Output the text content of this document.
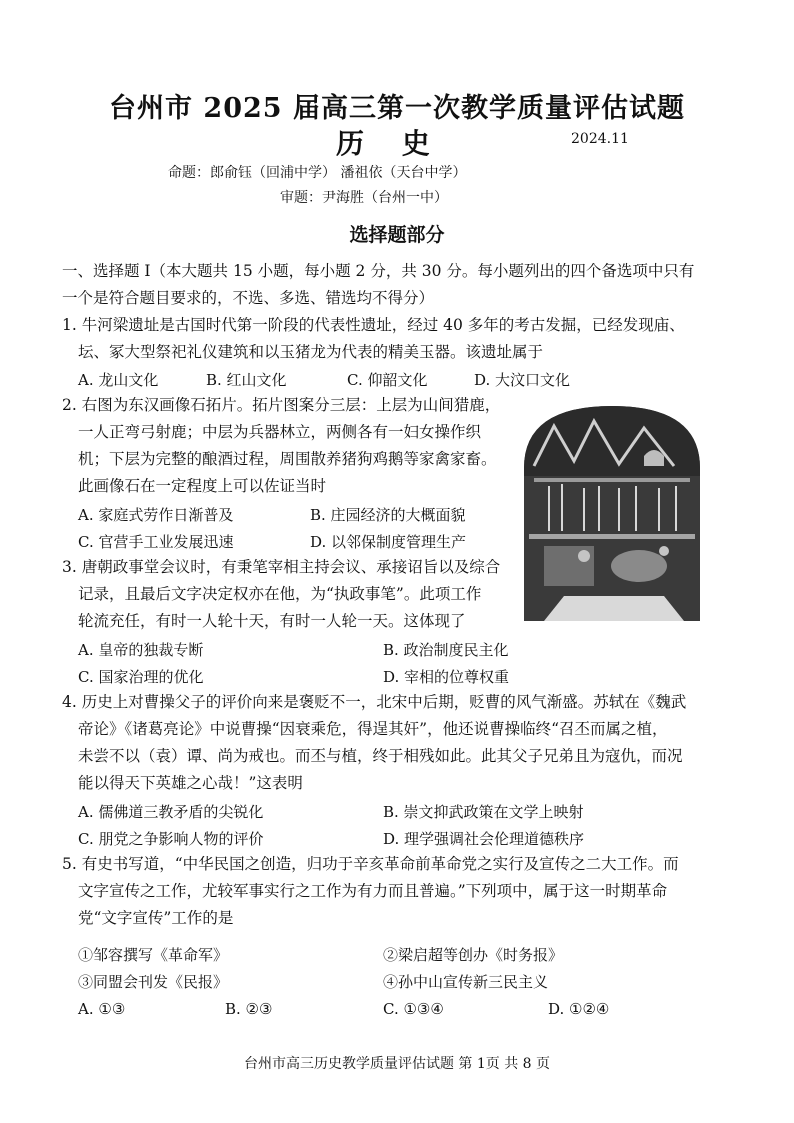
台州市 2025 届高三第一次教学质量评估试题
历 史	2024.11
命题：郎俞钰（回浦中学） 潘祖依（天台中学）
审题：尹海胜（台州一中）
选择题部分
一、选择题 I（本大题共 15 小题，每小题 2 分，共 30 分。每小题列出的四个备选项中只有
一个是符合题目要求的，不选、多选、错选均不得分）
1. 牛河梁遗址是古国时代第一阶段的代表性遗址，经过 40 多年的考古发掘，已经发现庙、
坛、冢大型祭祀礼仪建筑和以玉猪龙为代表的精美玉器。该遗址属于
A. 龙山文化	B. 红山文化	C. 仰韶文化	D. 大汶口文化
2. 右图为东汉画像石拓片。拓片图案分三层：上层为山间猎鹿，
一人正弯弓射鹿；中层为兵器林立，两侧各有一妇女操作织
机；下层为完整的酿酒过程，周围散养猪狗鸡鹅等家禽家畜。
此画像石在一定程度上可以佐证当时
A. 家庭式劳作日渐普及	B. 庄园经济的大概面貌
C. 官营手工业发展迅速	D. 以邻保制度管理生产
3. 唐朝政事堂会议时，有秉笔宰相主持会议、承接诏旨以及综合
记录，且最后文字决定权亦在他，为“执政事笔”。此项工作
轮流充任，有时一人轮十天，有时一人轮一天。这体现了
A. 皇帝的独裁专断	B. 政治制度民主化
C. 国家治理的优化	D. 宰相的位尊权重
4. 历史上对曹操父子的评价向来是褒贬不一，北宋中后期，贬曹的风气渐盛。苏轼在《魏武
帝论》《诸葛亮论》中说曹操“因衰乘危，得逞其奸”，他还说曹操临终“召丕而属之植，
未尝不以（袁）谭、尚为戒也。而丕与植，终于相残如此。此其父子兄弟且为寇仇，而况
能以得天下英雄之心哉！”这表明
A. 儒佛道三教矛盾的尖锐化	B. 崇文抑武政策在文学上映射
C. 朋党之争影响人物的评价	D. 理学强调社会伦理道德秩序
5. 有史书写道，“中华民国之创造，归功于辛亥革命前革命党之实行及宣传之二大工作。而
文字宣传之工作，尤较军事实行之工作为有力而且普遍。”下列项中，属于这一时期革命
党“文字宣传”工作的是
①邹容撰写《革命军》	②梁启超等创办《时务报》
③同盟会刊发《民报》	④孙中山宣传新三民主义
A. ①③	B. ②③	C. ①③④	D. ①②④
台州市高三历史教学质量评估试题 第 1页 共 8 页
